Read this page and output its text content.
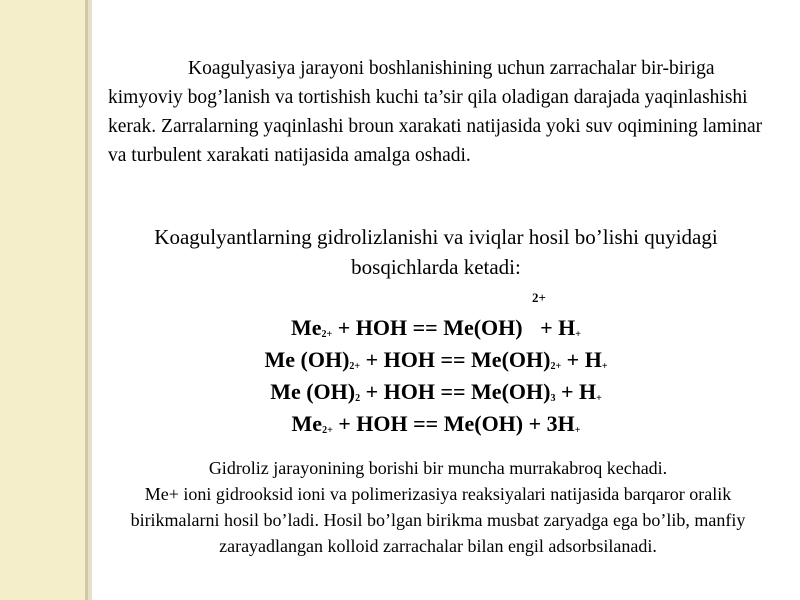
Koagulyasiya jarayoni boshlanishining uchun zarrachalar bir-biriga kimyoviy bog’lanish va tortishish kuchi ta’sir qila oladigan darajada yaqinlashishi kerak. Zarralarning yaqinlashi broun xarakati natijasida yoki suv oqimining laminar va turbulent xarakati natijasida amalga oshadi.

Koagulyantlarning gidrolizlanishi va iviqlar hosil bo’lishi quyidagi bosqichlarda ketadi:

2+
$Me_{2+}$ + HOH == $Me(OH) + H_+$
Me $(OH)_{2+}$ + HOH == $Me(OH)_{2+} + H_+$
Me $(OH)_2$ + HOH == $Me(OH)_3 + H_+$
$Me_{2+}$ + HOH == $Me(OH) + 3H_+$

Gidroliz jarayonining borishi bir muncha murrakabroq kechadi.
Me+ ioni gidrooksid ioni va polimerizasiya reaksiyalari natijasida barqaror oralik birikmalarni hosil bo’ladi. Hosil bo’lgan birikma musbat zaryadga ega bo’lib, manfiy zarayadlangan kolloid zarrachalar bilan engil adsorbsilanadi.
